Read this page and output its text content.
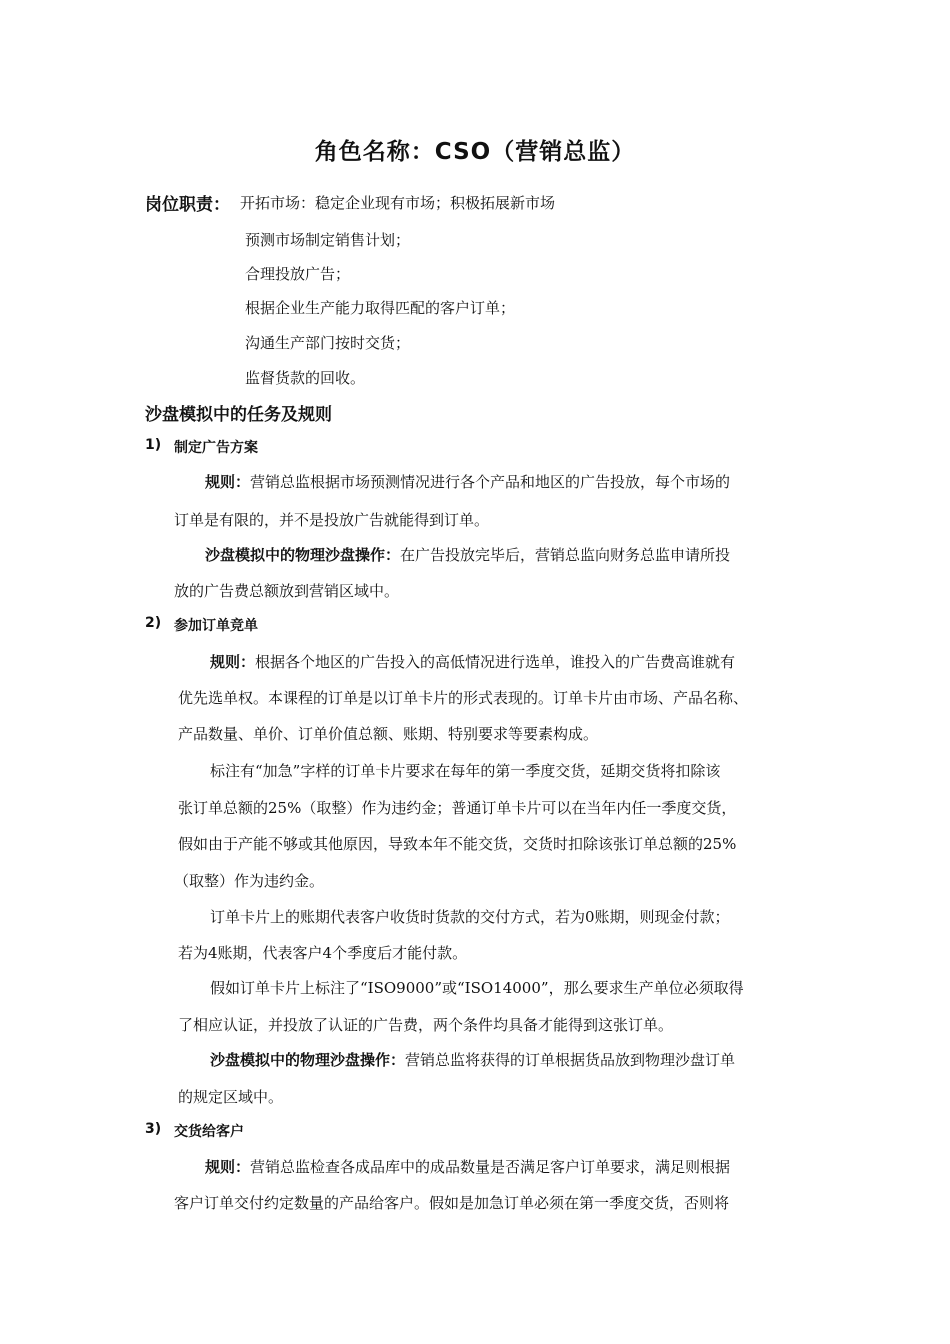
角色名称：CSO（营销总监）
岗位职责： 开拓市场：稳定企业现有市场；积极拓展新市场
预测市场制定销售计划；
合理投放广告；
根据企业生产能力取得匹配的客户订单；
沟通生产部门按时交货；
监督货款的回收。
沙盘模拟中的任务及规则
1) 制定广告方案
规则：营销总监根据市场预测情况进行各个产品和地区的广告投放，每个市场的
订单是有限的，并不是投放广告就能得到订单。
沙盘模拟中的物理沙盘操作：在广告投放完毕后，营销总监向财务总监申请所投
放的广告费总额放到营销区域中。
2) 参加订单竞单
规则：根据各个地区的广告投入的高低情况进行选单，谁投入的广告费高谁就有
优先选单权。本课程的订单是以订单卡片的形式表现的。订单卡片由市场、产品名称、
产品数量、单价、订单价值总额、账期、特别要求等要素构成。
标注有“加急”字样的订单卡片要求在每年的第一季度交货，延期交货将扣除该
张订单总额的25%（取整）作为违约金；普通订单卡片可以在当年内任一季度交货，
假如由于产能不够或其他原因，导致本年不能交货，交货时扣除该张订单总额的25%
（取整）作为违约金。
订单卡片上的账期代表客户收货时货款的交付方式，若为0账期，则现金付款；
若为4账期，代表客户4个季度后才能付款。
假如订单卡片上标注了“ISO9000”或“ISO14000”，那么要求生产单位必须取得
了相应认证，并投放了认证的广告费，两个条件均具备才能得到这张订单。
沙盘模拟中的物理沙盘操作：营销总监将获得的订单根据货品放到物理沙盘订单
的规定区域中。
3) 交货给客户
规则：营销总监检查各成品库中的成品数量是否满足客户订单要求，满足则根据
客户订单交付约定数量的产品给客户。假如是加急订单必须在第一季度交货，否则将
